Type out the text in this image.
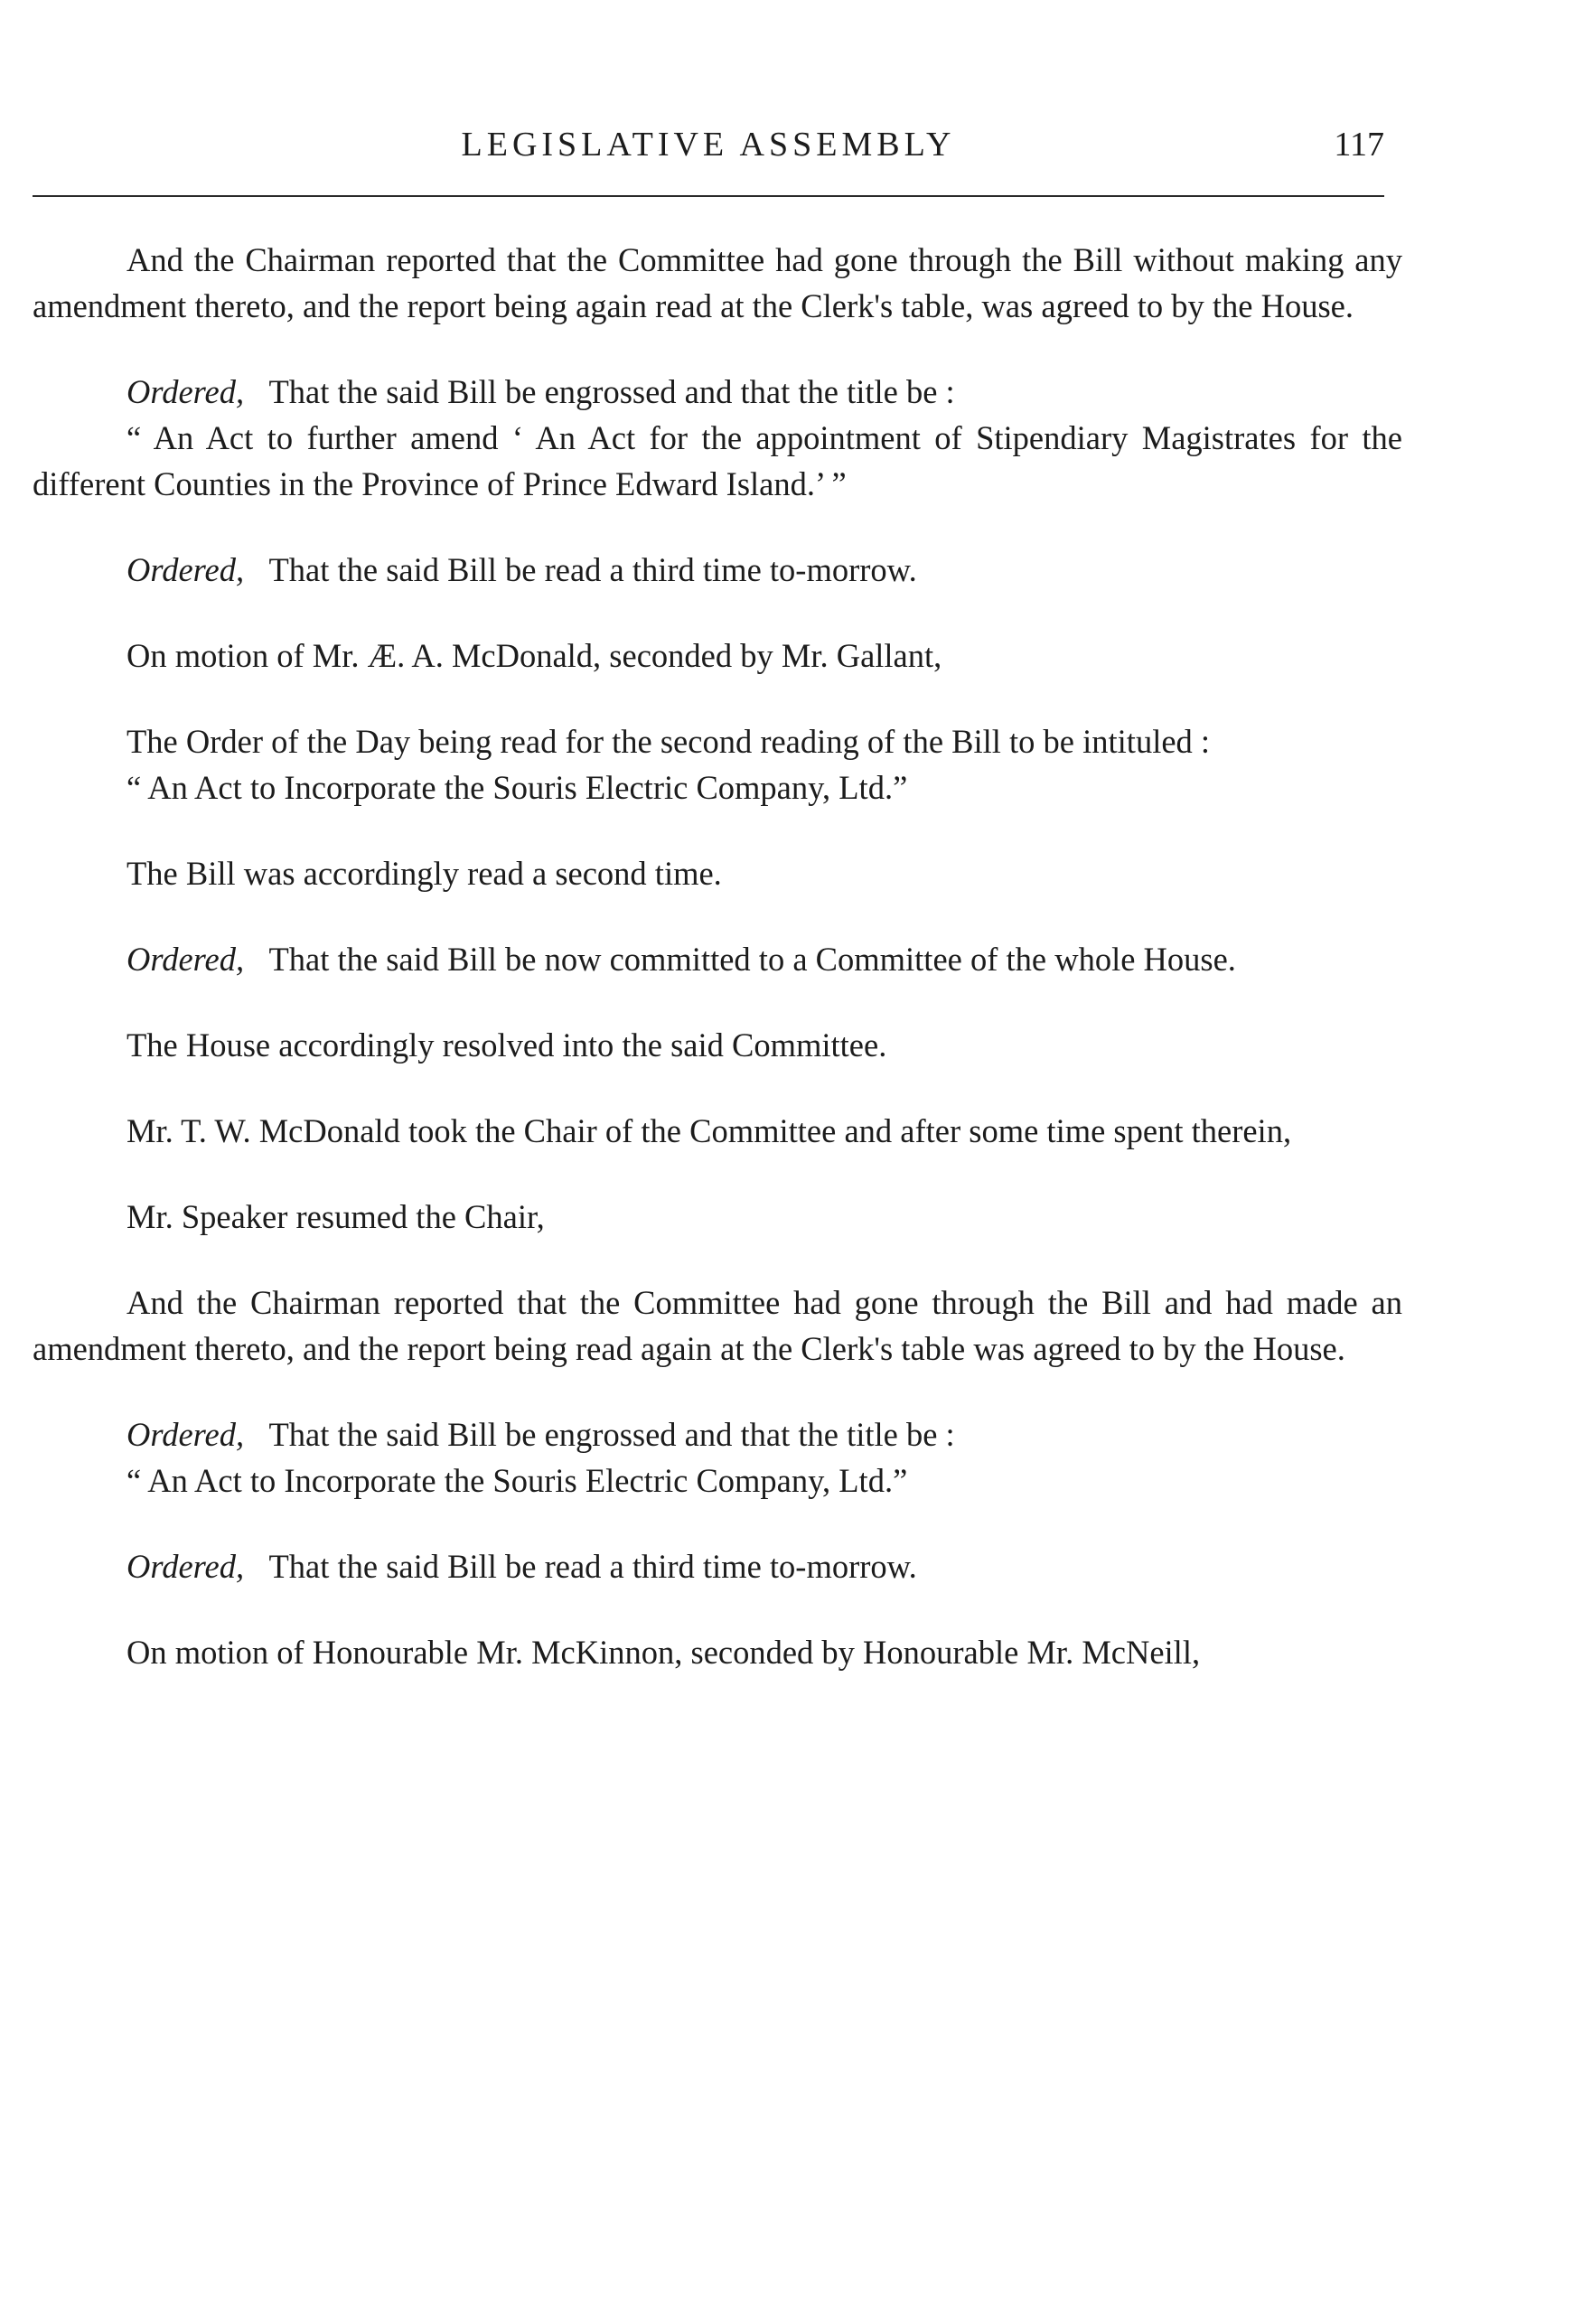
LEGISLATIVE ASSEMBLY	117

And the Chairman reported that the Committee had gone through the Bill without making any amendment thereto, and the report being again read at the Clerk's table, was agreed to by the House.

Ordered, That the said Bill be engrossed and that the title be :

“ An Act to further amend ‘ An Act for the appointment of Stipendiary Magistrates for the different Counties in the Province of Prince Edward Island.’ ”

Ordered, That the said Bill be read a third time to-morrow.

On motion of Mr. Æ. A. McDonald, seconded by Mr. Gallant,

The Order of the Day being read for the second reading of the Bill to be intituled :

“ An Act to Incorporate the Souris Electric Company, Ltd.”

The Bill was accordingly read a second time.

Ordered, That the said Bill be now committed to a Committee of the whole House.

The House accordingly resolved into the said Committee.

Mr. T. W. McDonald took the Chair of the Committee and after some time spent therein,

Mr. Speaker resumed the Chair,

And the Chairman reported that the Committee had gone through the Bill and had made an amendment thereto, and the report being read again at the Clerk's table was agreed to by the House.

Ordered, That the said Bill be engrossed and that the title be :

“ An Act to Incorporate the Souris Electric Company, Ltd.”

Ordered, That the said Bill be read a third time to-morrow.

On motion of Honourable Mr. McKinnon, seconded by Honourable Mr. McNeill,
